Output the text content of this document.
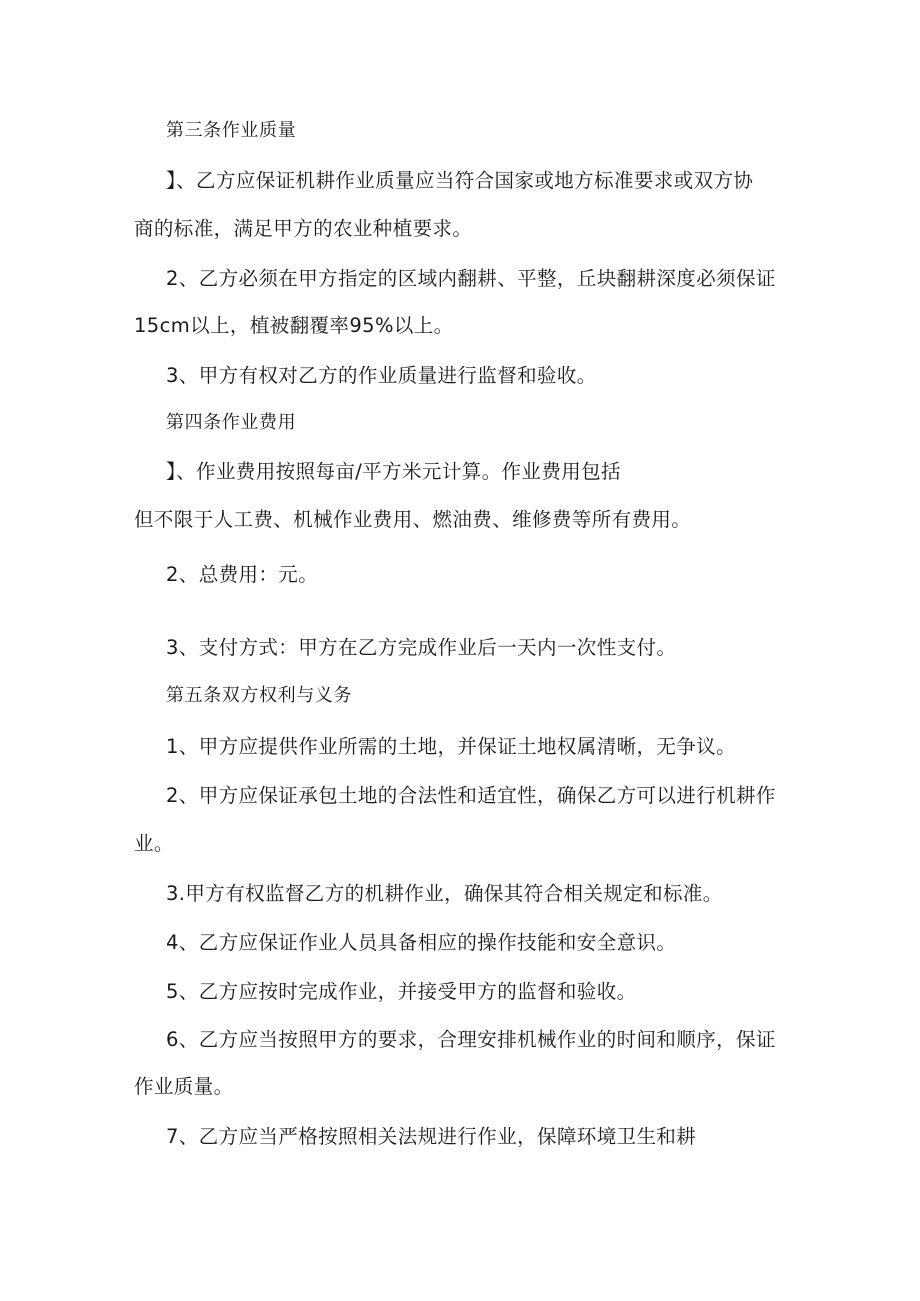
第三条作业质量
】、乙方应保证机耕作业质量应当符合国家或地方标准要求或双方协
商的标准，满足甲方的农业种植要求。
2、乙方必须在甲方指定的区域内翻耕、平整，丘块翻耕深度必须保证
15cm以上，植被翻覆率95%以上。
3、甲方有权对乙方的作业质量进行监督和验收。
第四条作业费用
】、作业费用按照每亩/平方米元计算。作业费用包括
但不限于人工费、机械作业费用、燃油费、维修费等所有费用。
2、总费用：元。
3、支付方式：甲方在乙方完成作业后一天内一次性支付。
第五条双方权利与义务
1、甲方应提供作业所需的土地，并保证土地权属清晰，无争议。
2、甲方应保证承包土地的合法性和适宜性，确保乙方可以进行机耕作
业。
3.甲方有权监督乙方的机耕作业，确保其符合相关规定和标准。
4、乙方应保证作业人员具备相应的操作技能和安全意识。
5、乙方应按时完成作业，并接受甲方的监督和验收。
6、乙方应当按照甲方的要求，合理安排机械作业的时间和顺序，保证
作业质量。
7、乙方应当严格按照相关法规进行作业，保障环境卫生和耕
